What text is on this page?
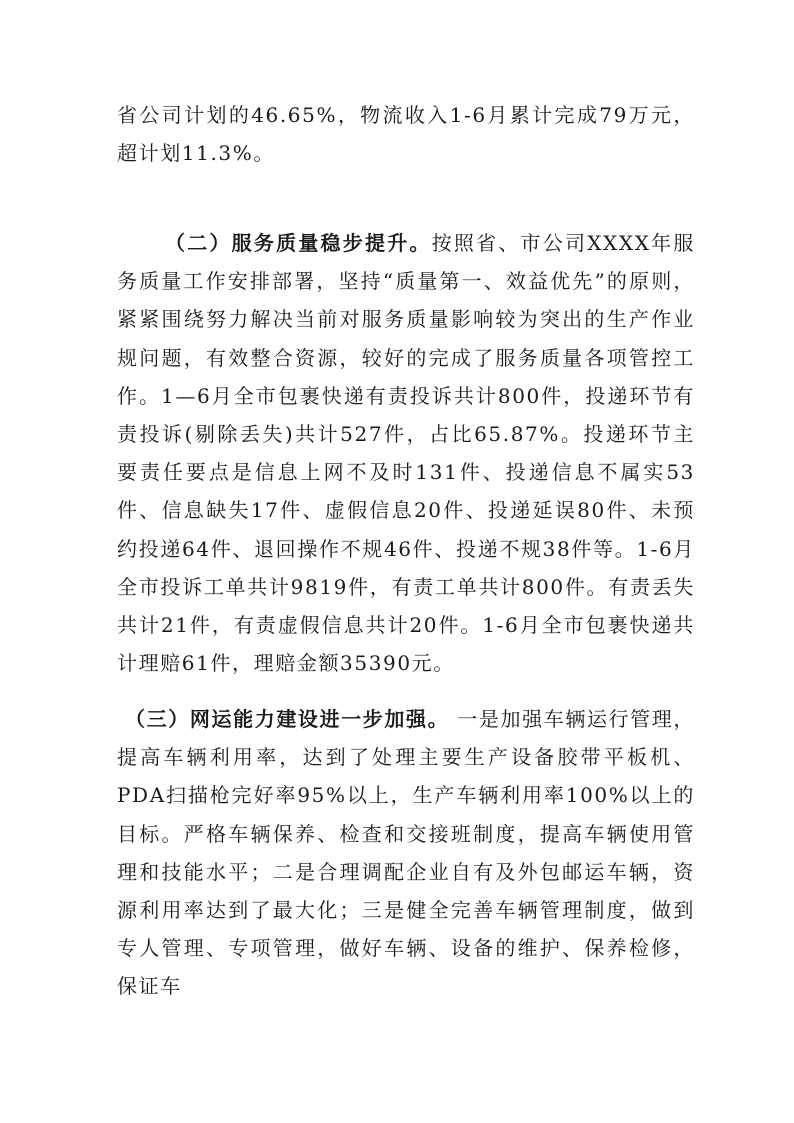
省公司计划的46.65%，物流收入1-6月累计完成79万元，超计划11.3%。

（二）服务质量稳步提升。按照省、市公司XXXX年服务质量工作安排部署，坚持“质量第一、效益优先”的原则，紧紧围绕努力解决当前对服务质量影响较为突出的生产作业规问题，有效整合资源，较好的完成了服务质量各项管控工作。1—6月全市包裹快递有责投诉共计800件，投递环节有责投诉(剔除丢失)共计527件，占比65.87%。投递环节主要责任要点是信息上网不及时131件、投递信息不属实53件、信息缺失17件、虚假信息20件、投递延误80件、未预约投递64件、退回操作不规46件、投递不规38件等。1-6月全市投诉工单共计9819件，有责工单共计800件。有责丢失共计21件，有责虚假信息共计20件。1-6月全市包裹快递共计理赔61件，理赔金额35390元。

（三）网运能力建设进一步加强。 一是加强车辆运行管理，提高车辆利用率，达到了处理主要生产设备胶带平板机、PDA扫描枪完好率95%以上，生产车辆利用率100%以上的目标。严格车辆保养、检查和交接班制度，提高车辆使用管理和技能水平；二是合理调配企业自有及外包邮运车辆，资源利用率达到了最大化；三是健全完善车辆管理制度，做到专人管理、专项管理，做好车辆、设备的维护、保养检修，保证车
